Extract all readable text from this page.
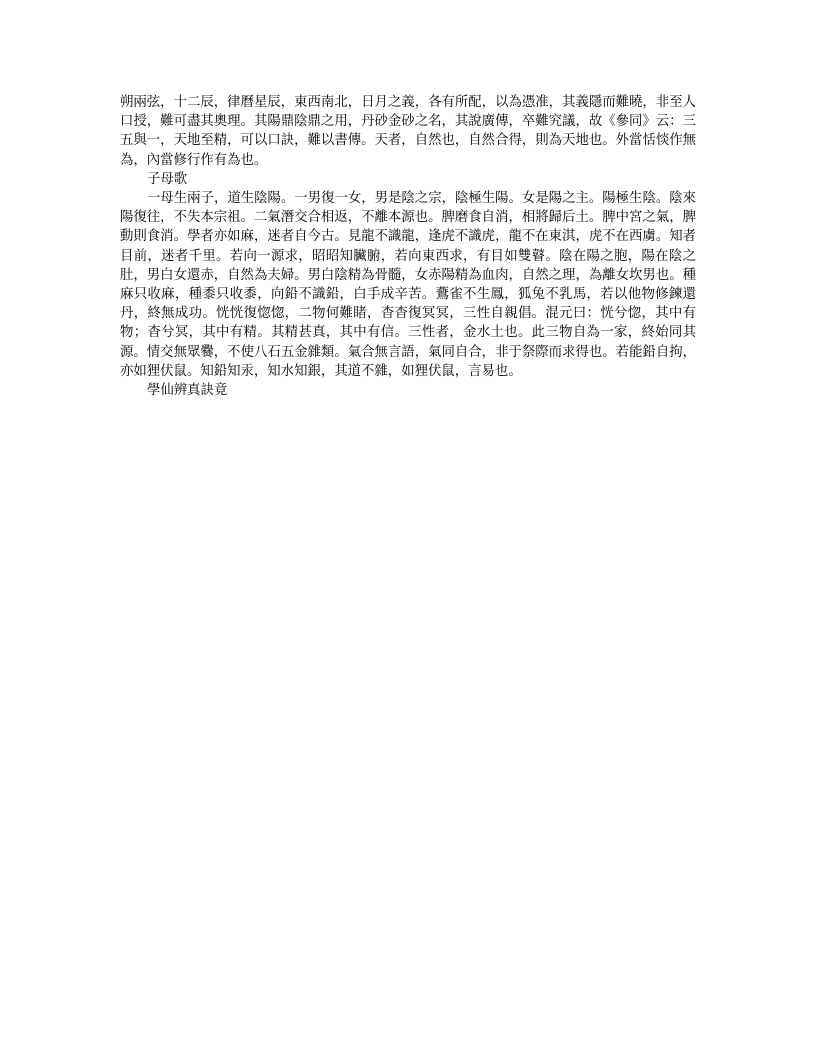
朔兩弦，十二辰，律曆星辰，東西南北，日月之義，各有所配，以為憑准，其義隱而難曉，非至人口授，難可盡其奧理。其陽鼎陰鼎之用，丹砂金砂之名，其說廣傳，卒難究議，故《參同》云：三五與一，天地至精，可以口訣，難以書傳。天者，自然也，自然合得，則為天地也。外當恬惔作無為，內當修行作有為也。

子母歌

一母生兩子，道生陰陽。一男復一女，男是陰之宗，陰極生陽。女是陽之主。陽極生陰。陰來陽復往，不失本宗祖。二氣潛交合相返，不離本源也。脾磨食自消，相將歸后土。脾中宮之氣，脾動則食消。學者亦如麻，迷者自今古。見龍不識龍，逢虎不識虎，龍不在東淇，虎不在西虜。知者目前，迷者千里。若向一源求，昭昭知臟腑，若向東西求，有目如雙瞽。陰在陽之胞，陽在陰之肚，男白女還赤，自然為夫婦。男白陰精為骨髓，女赤陽精為血肉，自然之理，為離女坎男也。種麻只收麻，種黍只收黍，向鉛不識鉛，白手成辛苦。鷰雀不生鳳，狐兔不乳馬，若以他物修鍊還丹，終無成功。恍恍復惚惚，二物何難睹，杳杳復冥冥，三性自親倡。混元曰：恍兮惚，其中有物；杳兮冥，其中有精。其精甚真，其中有信。三性者，金水土也。此三物自為一家，終始同其源。情交無眾爨，不使八石五金雜類。氣合無言語，氣同自合，非于祭際而求得也。若能鉛自拘，亦如狸伏鼠。知鉛知汞，知水知銀，其道不雜，如狸伏鼠，言易也。

學仙辨真訣竟
